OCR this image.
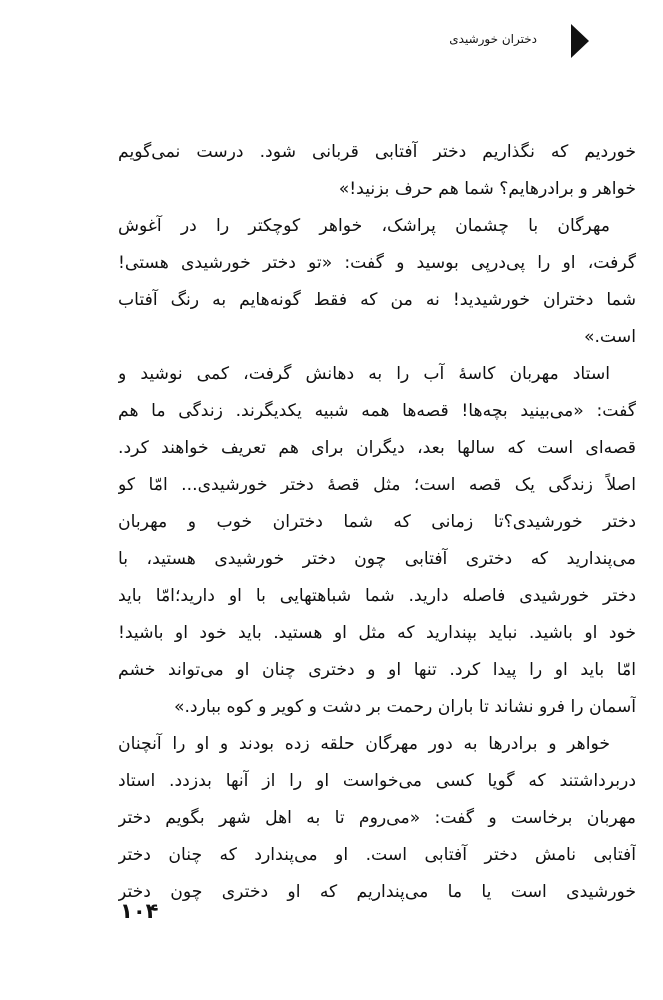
دختران خورشیدی
خوردیم که نگذاریم دختر آفتابی قربانی شود. درست نمی‌گویم
خواهر و برادرهایم؟ شما هم حرف بزنید!»
مهرگان با چشمان پراشک، خواهر کوچکتر را در آغوش
گرفت، او را پی‌درپی بوسید و گفت: «تو دختر خورشیدی هستی!
شما دختران خورشیدید! نه من که فقط گونه‌هایم به رنگ آفتاب
است.»
استاد مهربان کاسهٔ آب را به دهانش گرفت، کمی نوشید و
گفت: «می‌بینید بچه‌ها! قصه‌ها همه شبیه یکدیگرند. زندگی ما هم
قصه‌ای است که سالها بعد، دیگران برای هم تعریف خواهند کرد.
اصلاً زندگی یک قصه است؛ مثل قصهٔ دختر خورشیدی... امّا کو
دختر خورشیدی؟تا زمانی که شما دختران خوب و مهربان
می‌پندارید که دختری آفتابی چون دختر خورشیدی هستید، با
دختر خورشیدی فاصله دارید. شما شباهتهایی با او دارید؛امّا باید
خود او باشید. نباید بپندارید که مثل او هستید. باید خود او باشید!
امّا باید او را پیدا کرد. تنها او و دختری چنان او می‌تواند خشم
آسمان را فرو نشاند تا باران رحمت بر دشت و کویر و کوه ببارد.»
خواهر و برادرها به دور مهرگان حلقه زده بودند و او را آنچنان
دربرداشتند که گویا کسی می‌خواست او را از آنها بدزدد. استاد
مهربان برخاست و گفت: «می‌روم تا به اهل شهر بگویم دختر
آفتابی نامش دختر آفتابی است. او می‌پندارد که چنان دختر
خورشیدی است یا ما می‌پنداریم که او دختری چون دختر
۱۰۴
